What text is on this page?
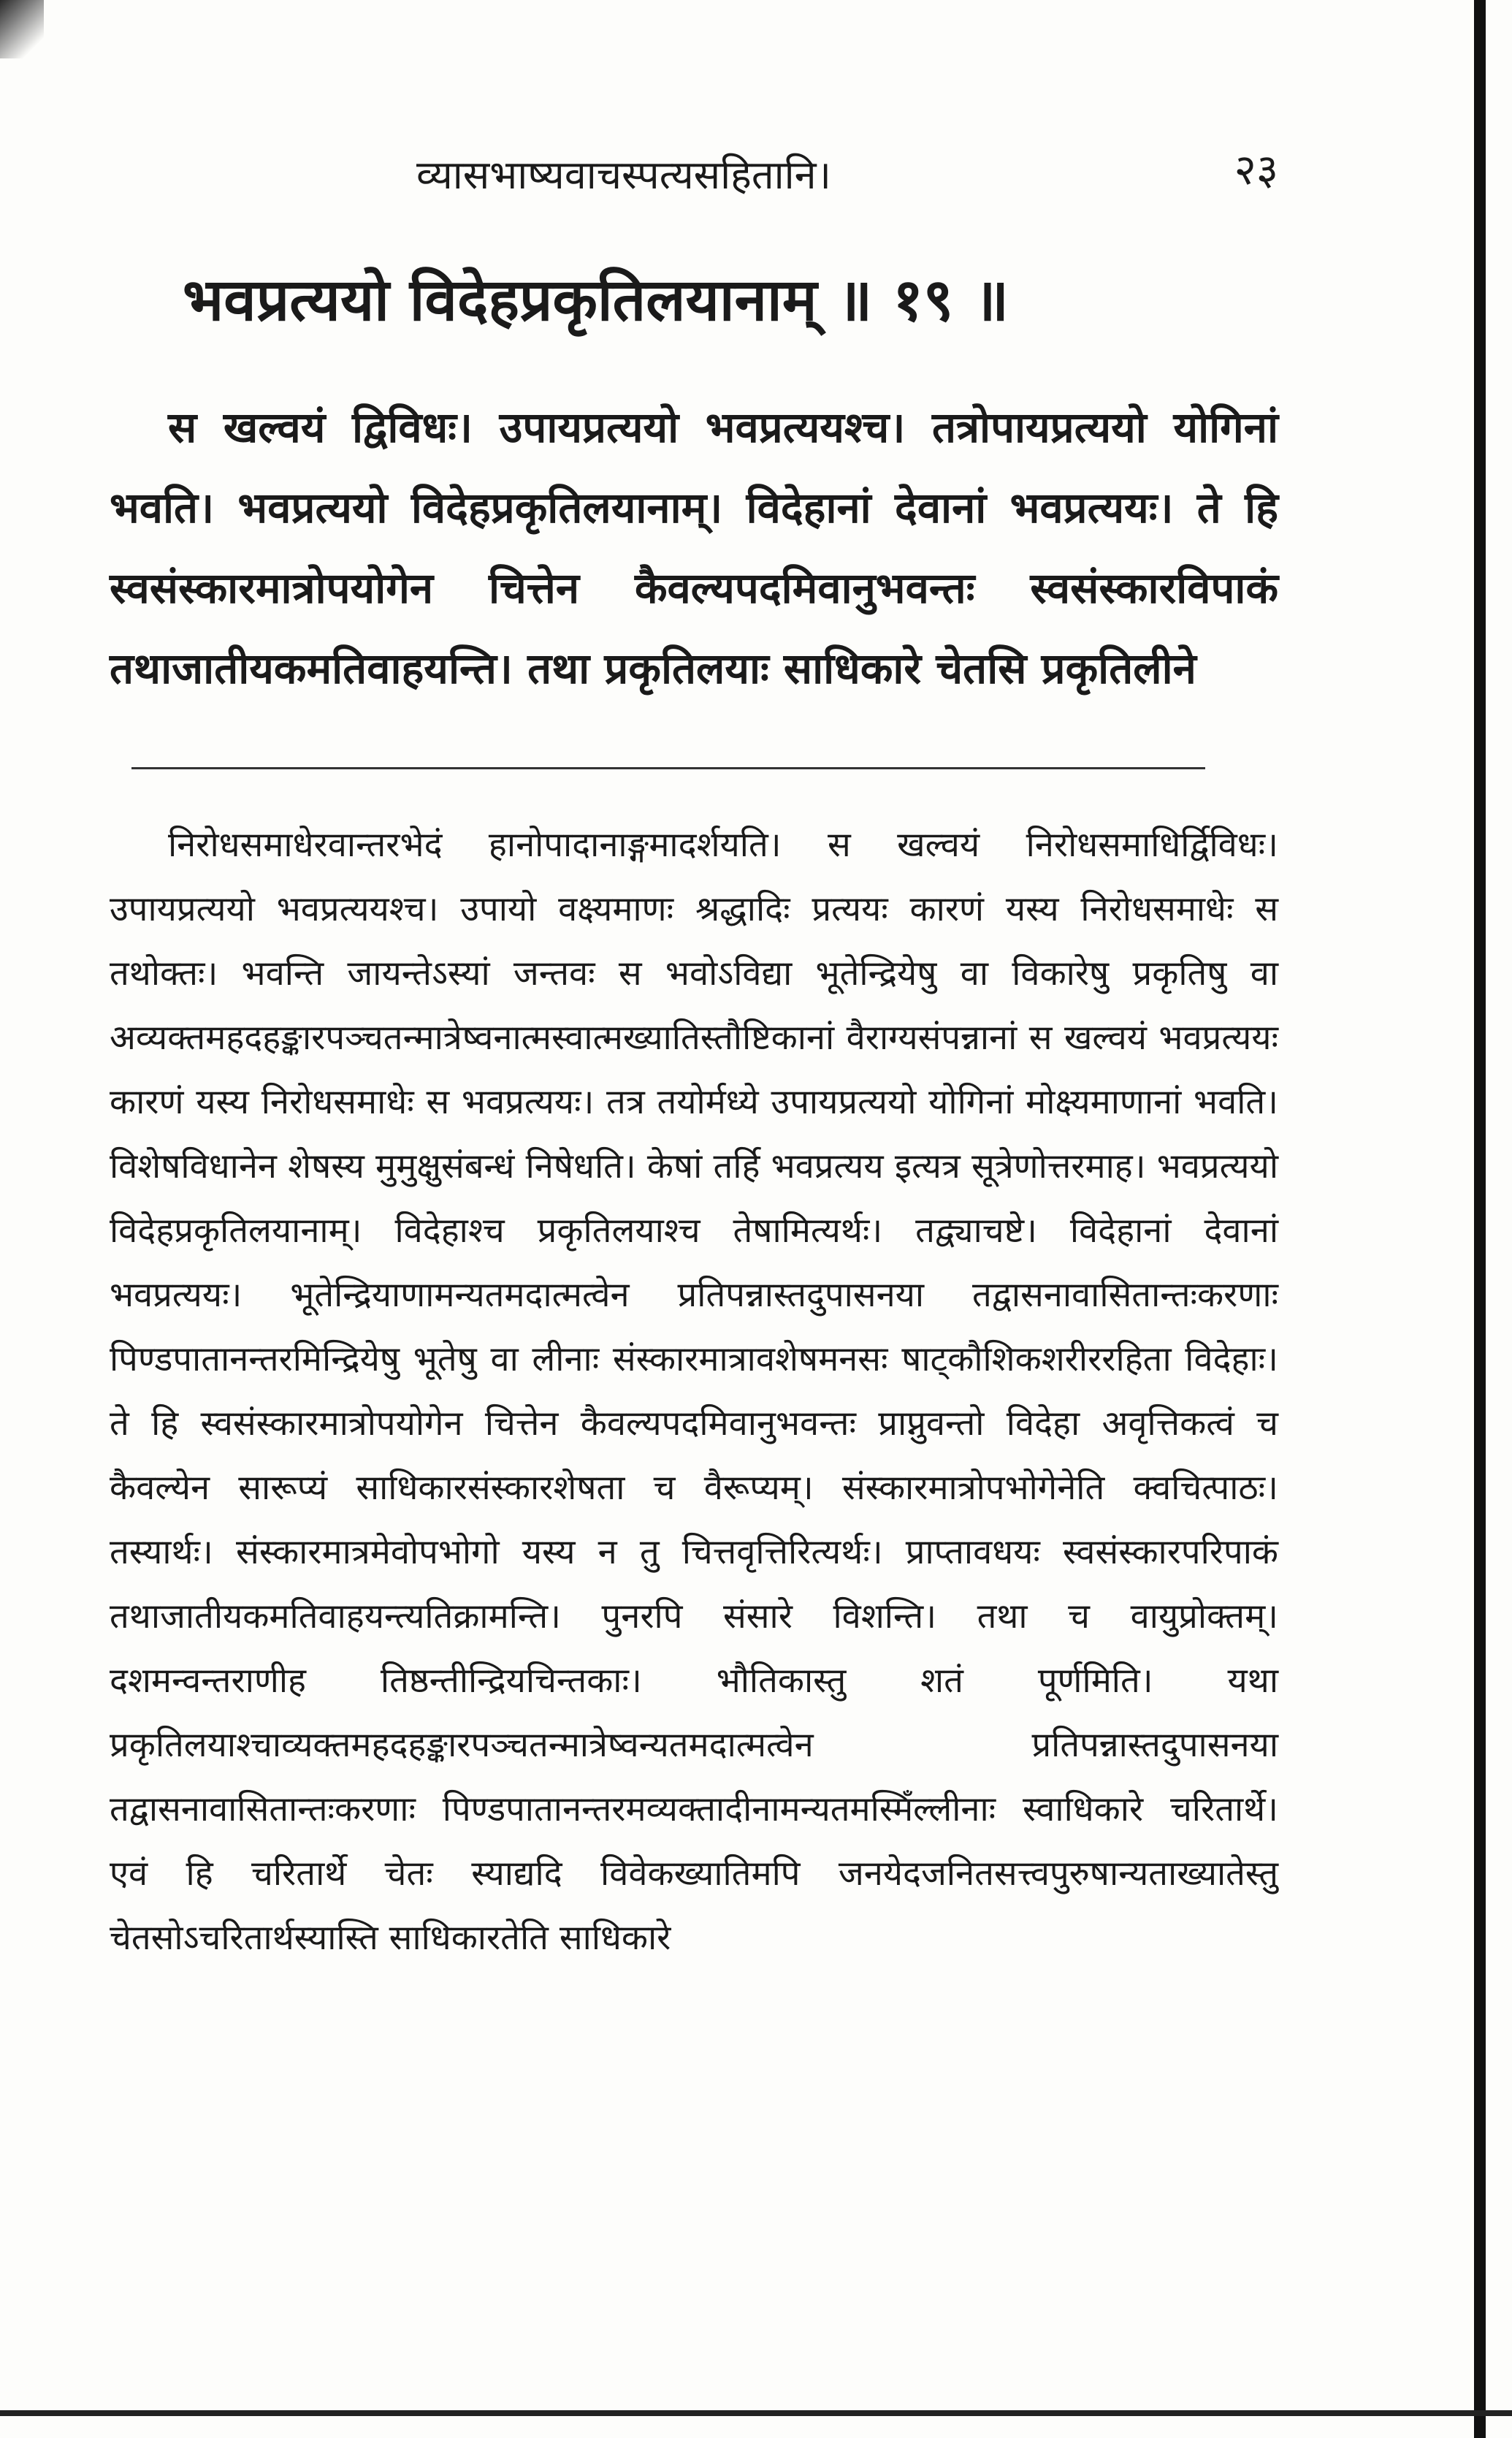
व्यासभाष्यवाचस्पत्यसहितानि।	२३
भवप्रत्ययो विदेहप्रकृतिलयानाम् ॥ १९ ॥
स खल्वयं द्विविधः। उपायप्रत्ययो भवप्रत्ययश्च। तत्रोपायप्रत्ययो योगिनां भवति। भवप्रत्ययो विदेहप्रकृतिलयानाम्। विदेहानां देवानां भवप्रत्ययः। ते हि स्वसंस्कारमात्रोपयोगेन चित्तेन कैवल्यपदमिवानुभवन्तः स्वसंस्कारविपाकं तथाजातीयकमतिवाहयन्ति। तथा प्रकृतिलयाः साधिकारे चेतसि प्रकृतिलीने
निरोधसमाधेरवान्तरभेदं हानोपादानाङ्गमादर्शयति। स खल्वयं निरोधसमाधिर्द्विविधः। उपायप्रत्ययो भवप्रत्ययश्च। उपायो वक्ष्यमाणः श्रद्धादिः प्रत्ययः कारणं यस्य निरोधसमाधेः स तथोक्तः। भवन्ति जायन्तेऽस्यां जन्तवः स भवोऽविद्या भूतेन्द्रियेषु वा विकारेषु प्रकृतिषु वा अव्यक्तमहदहङ्कारपञ्चतन्मात्रेष्वनात्मस्वात्मख्यातिस्तौष्टिकानां वैराग्यसंपन्नानां स खल्वयं भवप्रत्ययः कारणं यस्य निरोधसमाधेः स भवप्रत्ययः। तत्र तयोर्मध्ये उपायप्रत्ययो योगिनां मोक्ष्यमाणानां भवति। विशेषविधानेन शेषस्य मुमुक्षुसंबन्धं निषेधति। केषां तर्हि भवप्रत्यय इत्यत्र सूत्रेणोत्तरमाह। भवप्रत्ययो विदेहप्रकृतिलयानाम्। विदेहाश्च प्रकृतिलयाश्च तेषामित्यर्थः। तद्व्याचष्टे। विदेहानां देवानां भवप्रत्ययः। भूतेन्द्रियाणामन्यतमदात्मत्वेन प्रतिपन्नास्तदुपासनया तद्वासनावासितान्तःकरणाः पिण्डपातानन्तरमिन्द्रियेषु भूतेषु वा लीनाः संस्कारमात्रावशेषमनसः षाट्कौशिकशरीररहिता विदेहाः। ते हि स्वसंस्कारमात्रोपयोगेन चित्तेन कैवल्यपदमिवानुभवन्तः प्राप्नुवन्तो विदेहा अवृत्तिकत्वं च कैवल्येन सारूप्यं साधिकारसंस्कारशेषता च वैरूप्यम्। संस्कारमात्रोपभोगेनेति क्वचित्पाठः। तस्यार्थः। संस्कारमात्रमेवोपभोगो यस्य न तु चित्तवृत्तिरित्यर्थः। प्राप्तावधयः स्वसंस्कारपरिपाकं तथाजातीयकमतिवाहयन्त्यतिक्रामन्ति। पुनरपि संसारे विशन्ति। तथा च वायुप्रोक्तम्। दशमन्वन्तराणीह तिष्ठन्तीन्द्रियचिन्तकाः। भौतिकास्तु शतं पूर्णमिति। यथा प्रकृतिलयाश्चाव्यक्तमहदहङ्कारपञ्चतन्मात्रेष्वन्यतमदात्मत्वेन प्रतिपन्नास्तदुपासनया तद्वासनावासितान्तःकरणाः पिण्डपातानन्तरमव्यक्तादीनामन्यतमस्मिँल्लीनाः स्वाधिकारे चरितार्थे। एवं हि चरितार्थे चेतः स्याद्यदि विवेकख्यातिमपि जनयेदजनितसत्त्वपुरुषान्यताख्यातेस्तु चेतसोऽचरितार्थस्यास्ति साधिकारतेति साधिकारे
